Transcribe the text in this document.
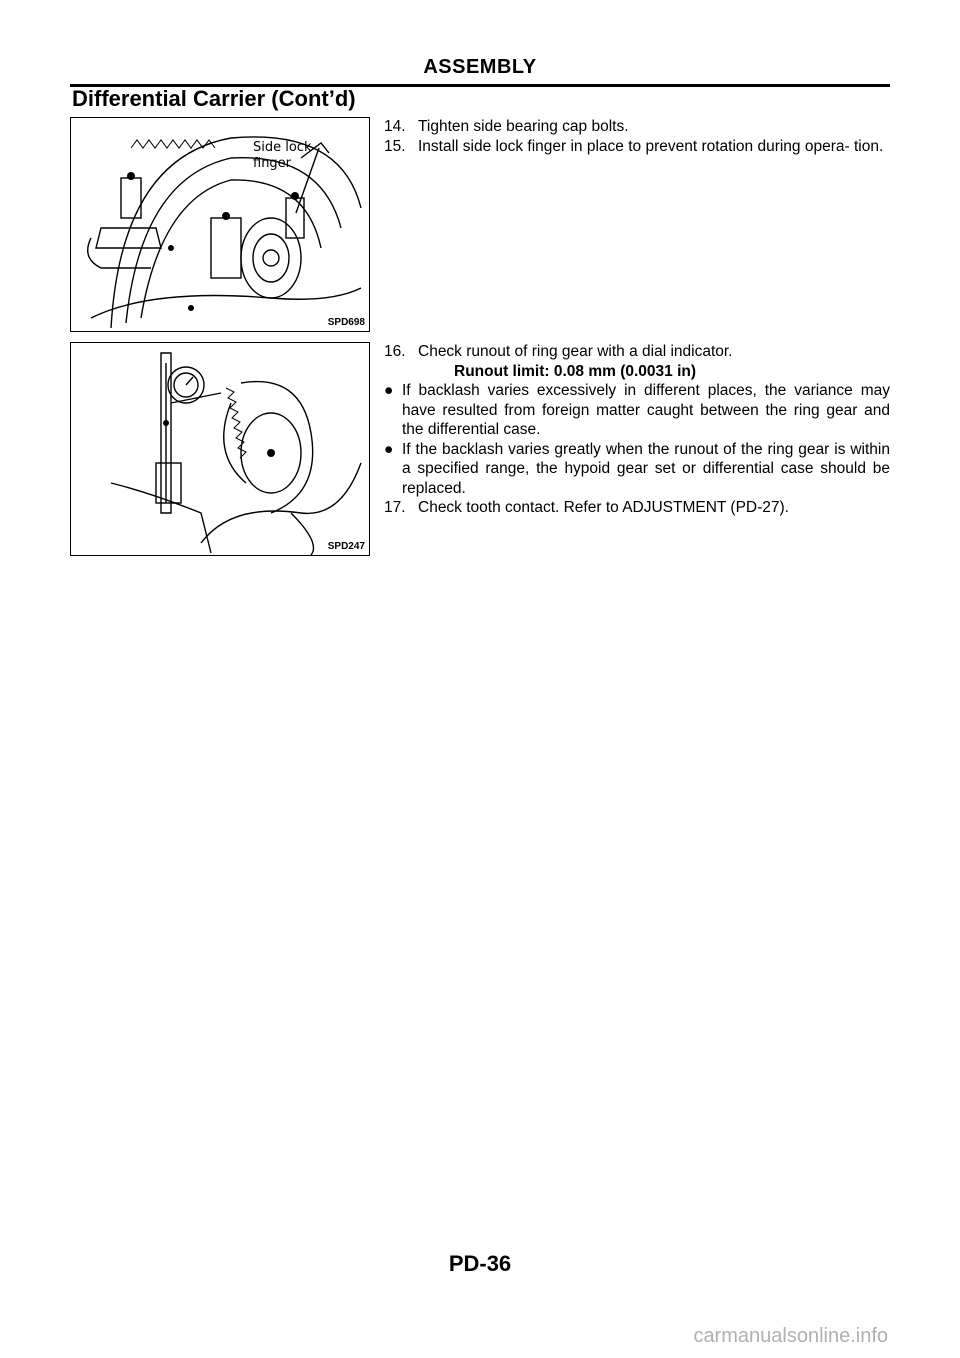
ASSEMBLY
Differential Carrier (Cont’d)
Side lock
finger
SPD698
14. Tighten side bearing cap bolts.
15. Install side lock finger in place to prevent rotation during opera- tion.
SPD247
16. Check runout of ring gear with a dial indicator.
Runout limit: 0.08 mm (0.0031 in)
● If backlash varies excessively in different places, the variance may have resulted from foreign matter caught between the ring gear and the differential case.
● If the backlash varies greatly when the runout of the ring gear is within a specified range, the hypoid gear set or differential case should be replaced.
17. Check tooth contact. Refer to ADJUSTMENT (PD-27).
PD-36
carmanualsonline.info
